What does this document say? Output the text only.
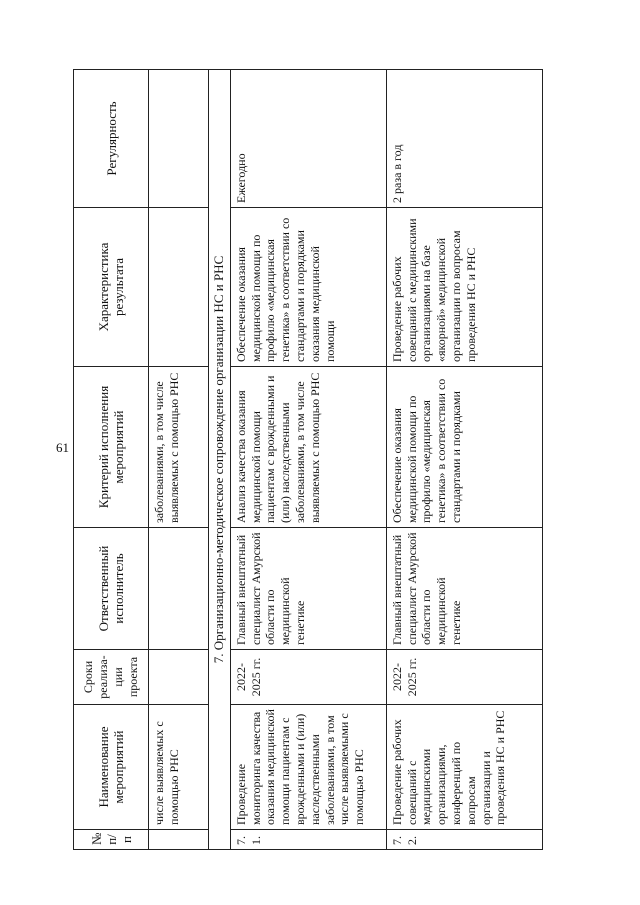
61
№ п/п	Наименование мероприятий	Сроки реализа-ции проекта	Ответственный исполнитель	Критерий исполнения мероприятий	Характеристика результата	Регулярность
	числе выявляемых с помощью РНС			заболеваниями, в том числе выявляемых с помощью РНС		
7. Организационно-методическое сопровождение организации НС и РНС						
7.1.	Проведение мониторинга качества оказания медицинской помощи пациентам с врожденными и (или) наследственными заболеваниями, в том числе выявляемыми с помощью РНС	2022-2025 гг.	Главный внештатный специалист Амурской области по медицинской генетике	Анализ качества оказания медицинской помощи пациентам с врожденными и (или) наследственными заболеваниями, в том числе выявляемых с помощью РНС	Обеспечение оказания медицинской помощи по профилю «медицинская генетика» в соответствии со стандартами и порядками оказания медицинской помощи	Ежегодно
7.2.	Проведение рабочих совещаний с медицинскими организациями, конференций по вопросам организации и проведения НС и РНС	2022-2025 гг.	Главный внештатный специалист Амурской области по медицинской генетике	Обеспечение оказания медицинской помощи по профилю «медицинская генетика» в соответствии со стандартами и порядками	Проведение рабочих совещаний с медицинскими организациями на базе «якорной» медицинской организации по вопросам проведения НС и РНС	2 раза в год
